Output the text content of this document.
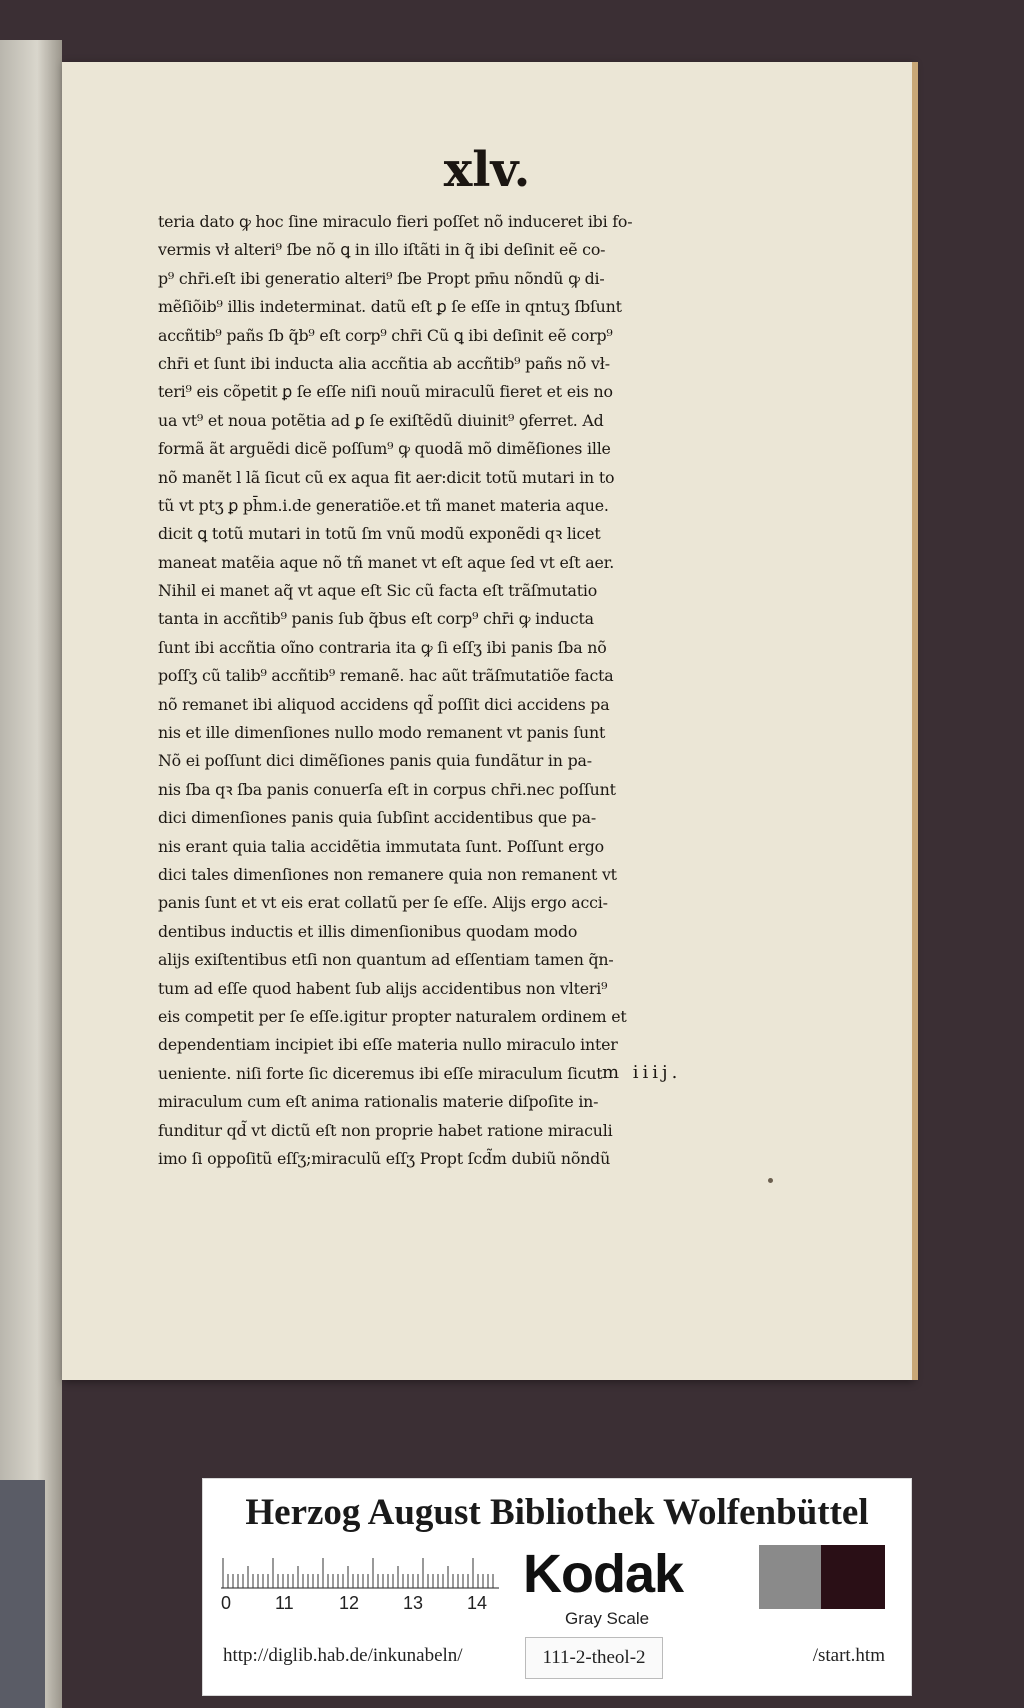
xlv.
teria dato ꝙ hoc ſine miraculo fieri poſſet nõ induceret ibi fo-
vermis vł alteri⁹ ſbe nõ ꝗ in illo iſtãti in q̃ ibi deſinit eẽ co-
p⁹ chr̄i.eſt ibi generatio alteri⁹ ſbe Propt pm̄u nõndũ ꝙ di-
mẽſiõib⁹ illis indeterminat. datũ eſt ꝑ ſe eſſe in qntuʒ ſbſunt
accñtib⁹ pañs ſb q̃b⁹ eſt corp⁹ chr̄i Cũ ꝗ ibi deſinit eẽ corp⁹
chr̄i et ſunt ibi inducta alia accñtia ab accñtib⁹ pañs nõ vł-
teri⁹ eis cõpetit ꝑ ſe eſſe niſi nouũ miraculũ fieret et eis no
ua vt⁹ et noua potẽtia ad ꝑ ſe exiſtẽdũ diuinit⁹ ꝯferret. Ad
formã ãt arguẽdi dicẽ poſſum⁹ ꝙ quodã mõ dimẽſiones ille
nõ manẽt l lã ſicut cũ ex aqua fit aer:dicit totũ mutari in to
tũ vt ptʒ ꝑ ph̄m.i.de generatiõe.et tñ manet materia aque.
dicit ꝗ totũ mutari in totũ ſm vnũ modũ exponẽdi qꝛ licet
maneat matẽia aque nõ tñ manet vt eſt aque ſed vt eſt aer.
Nihil ei manet aq̃ vt aque eſt Sic cũ facta eſt trãſmutatio
tanta in accñtib⁹ panis ſub q̃bus eſt corp⁹ chr̄i ꝙ inducta
ſunt ibi accñtia oĩno contraria ita ꝙ ſi eſſʒ ibi panis ſba nõ
poſſʒ cũ talib⁹ accñtib⁹ remanẽ. hac aũt trãſmutatiõe facta
nõ remanet ibi aliquod accidens qd̃ poſſit dici accidens pa
nis et ille dimenſiones nullo modo remanent vt panis ſunt
Nõ ei poſſunt dici dimẽſiones panis quia fundãtur in pa-
nis ſba qꝛ ſba panis conuerſa eſt in corpus chr̄i.nec poſſunt
dici dimenſiones panis quia ſubſint accidentibus que pa-
nis erant quia talia accidẽtia immutata ſunt. Poſſunt ergo
dici tales dimenſiones non remanere quia non remanent vt
panis ſunt et vt eis erat collatũ per ſe eſſe. Alijs ergo acci-
dentibus inductis et illis dimenſionibus quodam modo
alijs exiſtentibus etſi non quantum ad eſſentiam tamen q̃n-
tum ad eſſe quod habent ſub alijs accidentibus non vlteri⁹
eis competit per ſe eſſe.igitur propter naturalem ordinem et
dependentiam incipiet ibi eſſe materia nullo miraculo inter
ueniente. niſi forte ſic diceremus ibi eſſe miraculum ſicut
miraculum cum eſt anima rationalis materie diſpoſite in-
funditur qd̃ vt dictũ eſt non proprie habet ratione miraculi
imo ſi oppoſitũ eſſʒ;miraculũ eſſʒ Propt ſcd̃m dubiũ nõndũ
m iiij.
Herzog August Bibliothek Wolfenbüttel
0 11	12 13 14 Kodak
Gray Scale
http://diglib.hab.de/inkunabeln/	111-2-theol-2	/start.htm
